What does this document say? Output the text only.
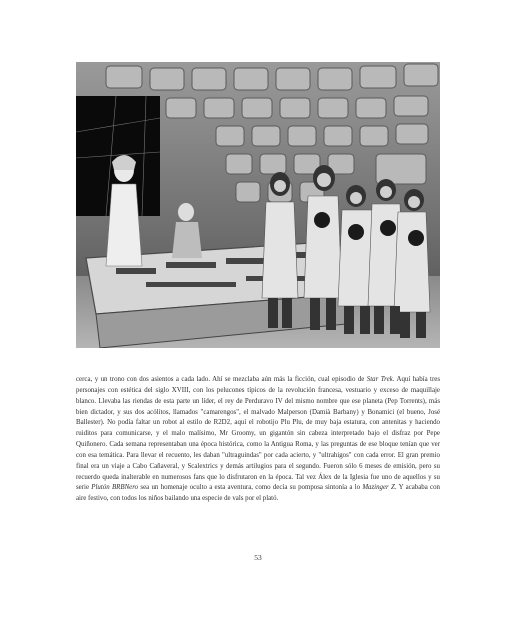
cerca, y un trono con dos asientos a cada lado. Ahí se mezclaba aún más la ficción, cual episodio de Star Trek. Aquí había tres personajes con estética del siglo XVIII, con los pelucones típicos de la revolución francesa, vestuario y exceso de maquillaje blanco. Llevaba las riendas de esta parte un líder, el rey de Perduravo IV del mismo nombre que ese planeta (Pep Torrents), más bien dictador, y sus dos acólitos, llamados "camarengos", el malvado Malperson (Damià Barbany) y Bonamici (el bueno, José Ballester). No podía faltar un robot al estilo de R2D2, aquí el robotijo Plu Plu, de muy baja estatura, con antenitas y haciendo ruiditos para comunicarse, y el malo malísimo, Mr Groomy, un gigantón sin cabeza interpretado bajo el disfraz por Pepe Quiñonero. Cada semana representaban una época histórica, como la Antigua Roma, y las preguntas de ese bloque tenían que ver con esa temática. Para llevar el recuento, les daban "ultraguindas" por cada acierto, y "ultrahigos" con cada error. El gran premio final era un viaje a Cabo Cañaveral, y Scalextrics y demás artilugios para el segundo. Fueron sólo 6 meses de emisión, pero su recuerdo queda inalterable en numerosos fans que lo disfrutaron en la época. Tal vez Álex de la Iglesia fue uno de aquellos y su serie Plutón BRBNero sea un homenaje oculto a esta aventura, como decía su pomposa sintonía a lo Mazinger Z. Y acababa con aire festivo, con todos los niños bailando una especie de vals por el plató.

53
